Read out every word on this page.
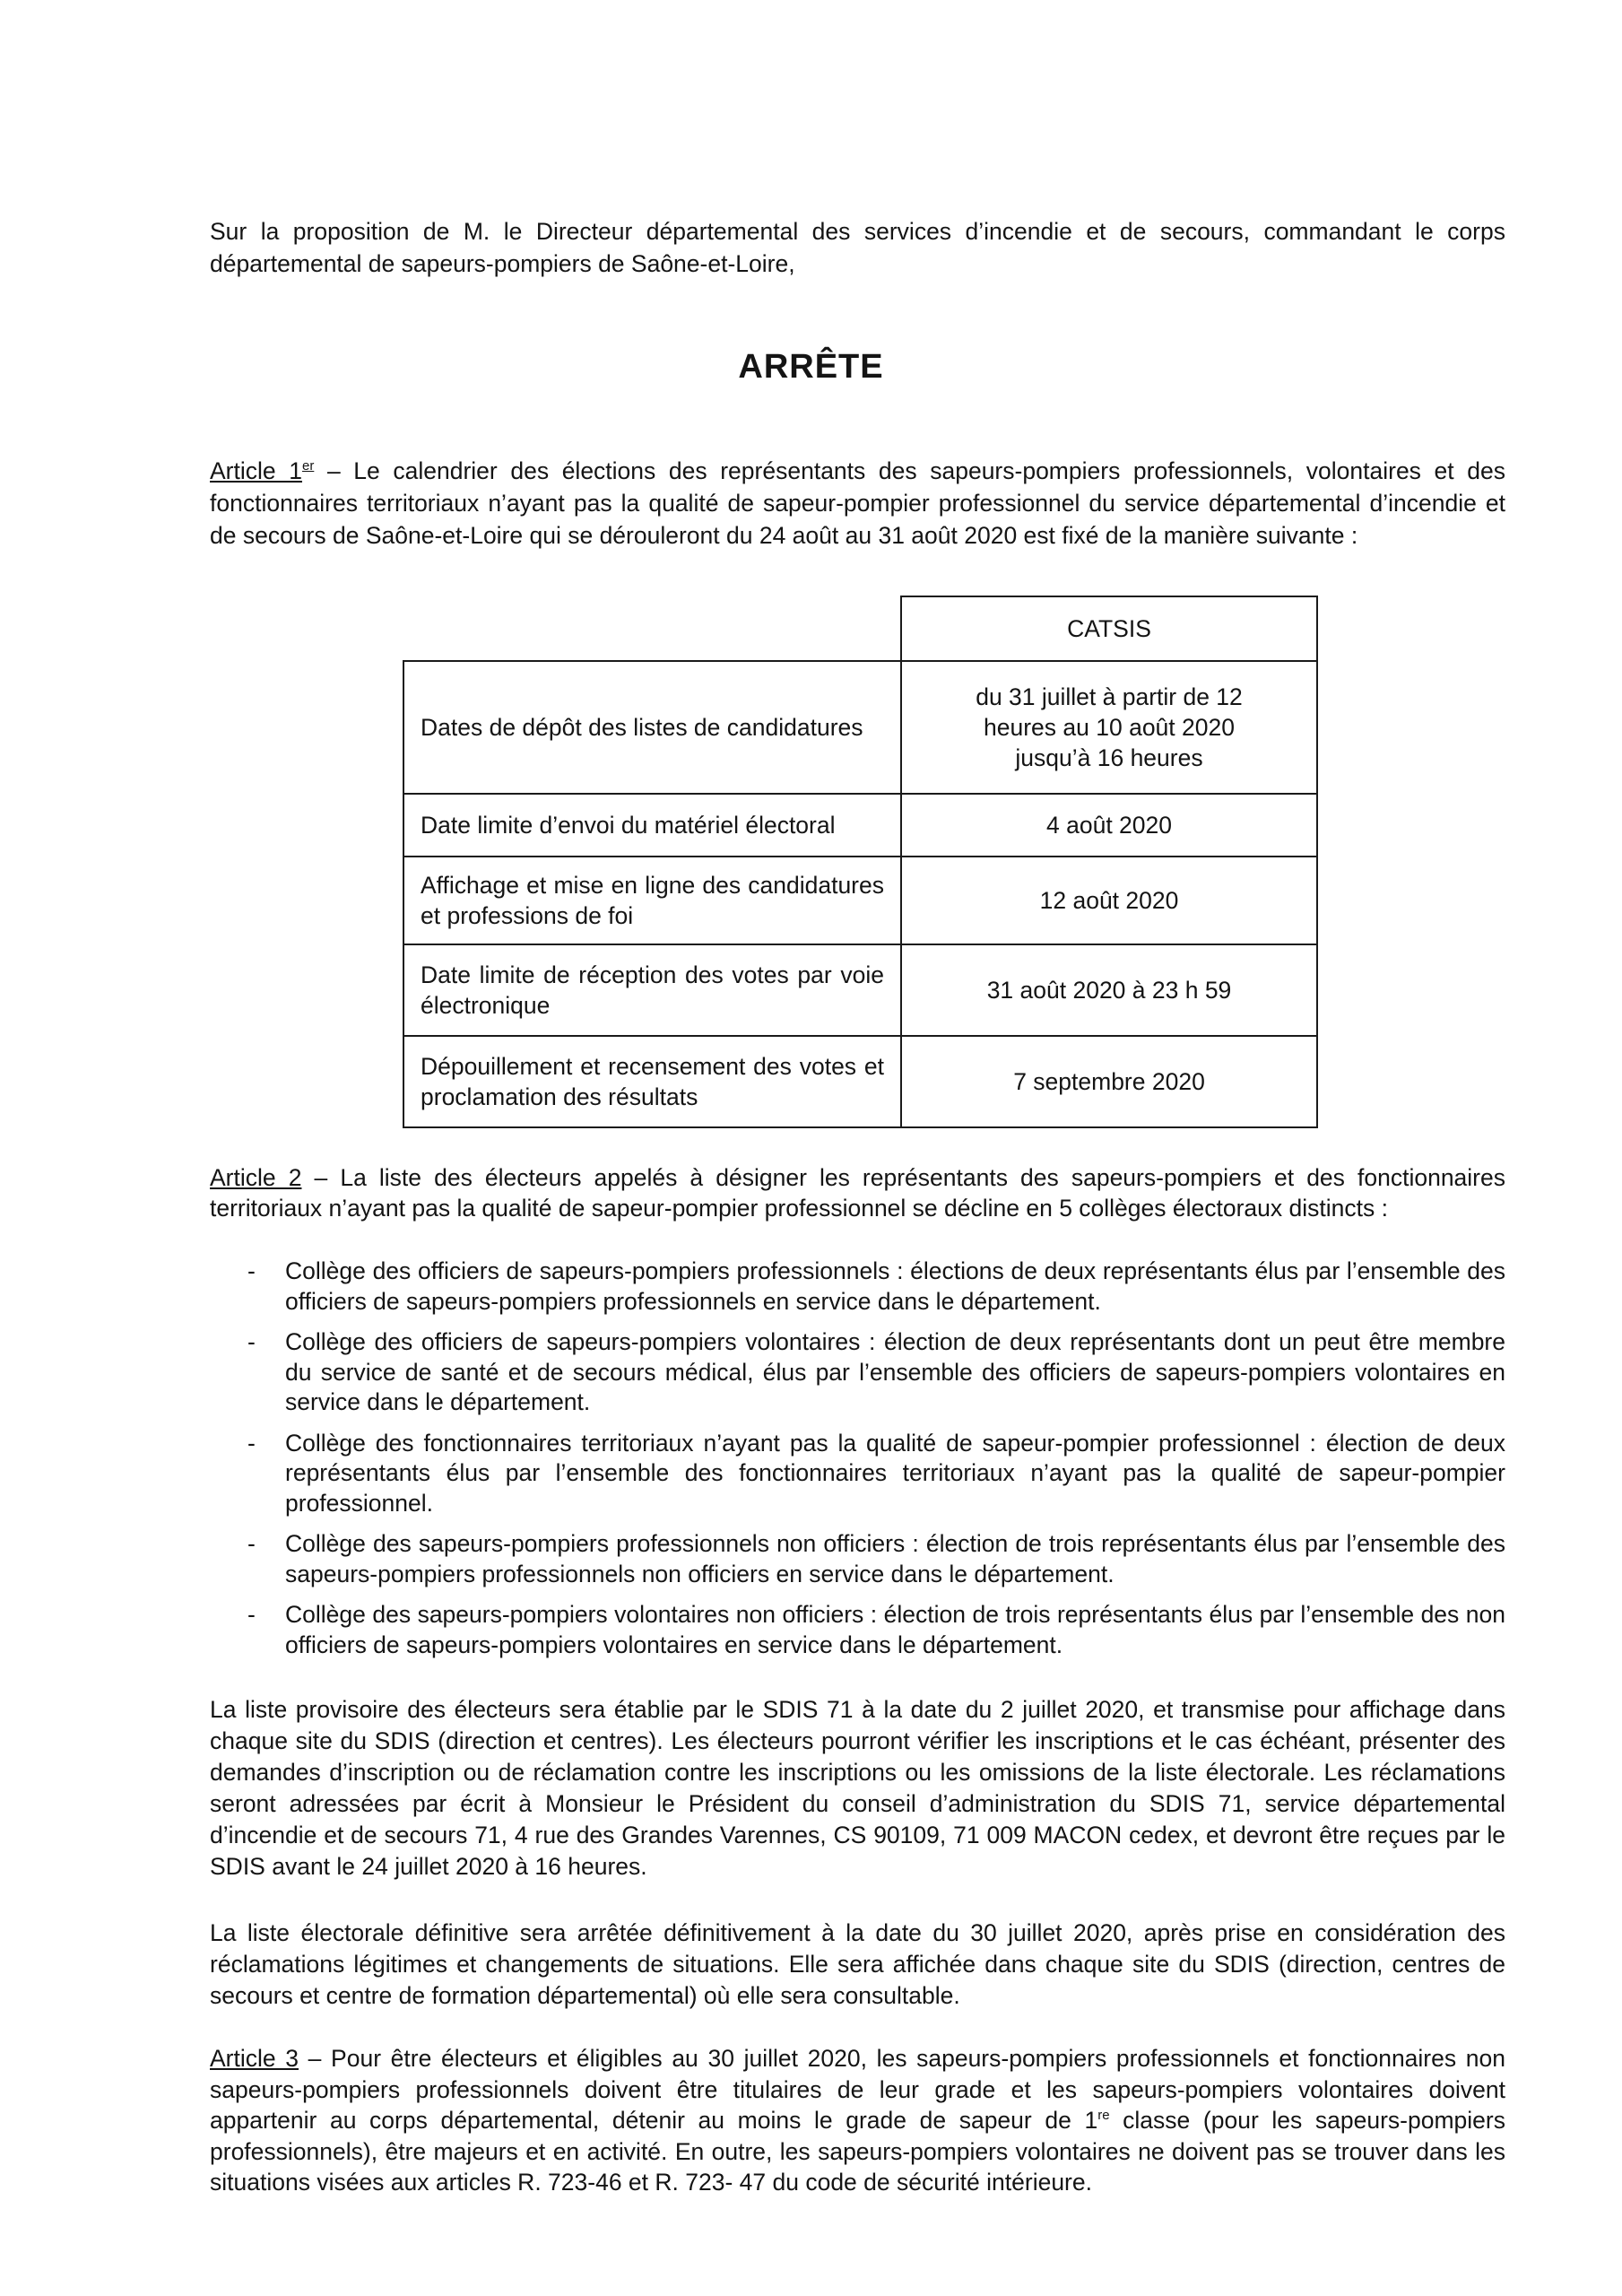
Sur la proposition de M. le Directeur départemental des services d’incendie et de secours, commandant le corps départemental de sapeurs-pompiers de Saône-et-Loire,

ARRÊTE

Article 1er – Le calendrier des élections des représentants des sapeurs-pompiers professionnels, volontaires et des fonctionnaires territoriaux n’ayant pas la qualité de sapeur-pompier professionnel du service départemental d’incendie et de secours de Saône-et-Loire qui se dérouleront du 24 août au 31 août 2020 est fixé de la manière suivante :

CATSIS
Dates de dépôt des listes de candidatures
du 31 juillet à partir de 12 heures au 10 août 2020 jusqu’à 16 heures
Date limite d’envoi du matériel électoral	4 août 2020
Affichage et mise en ligne des candidatures et professions de foi
12 août 2020
Date limite de réception des votes par voie électronique
31 août 2020 à 23 h 59
Dépouillement et recensement des votes et proclamation des résultats
7 septembre 2020

Article 2 – La liste des électeurs appelés à désigner les représentants des sapeurs-pompiers et des fonctionnaires territoriaux n’ayant pas la qualité de sapeur-pompier professionnel se décline en 5 collèges électoraux distincts :

- Collège des officiers de sapeurs-pompiers professionnels : élections de deux représentants élus par l’ensemble des officiers de sapeurs-pompiers professionnels en service dans le département.
- Collège des officiers de sapeurs-pompiers volontaires : élection de deux représentants dont un peut être membre du service de santé et de secours médical, élus par l’ensemble des officiers de sapeurs-pompiers volontaires en service dans le département.
- Collège des fonctionnaires territoriaux n’ayant pas la qualité de sapeur-pompier professionnel : élection de deux représentants élus par l’ensemble des fonctionnaires territoriaux n’ayant pas la qualité de sapeur-pompier professionnel.
- Collège des sapeurs-pompiers professionnels non officiers : élection de trois représentants élus par l’ensemble des sapeurs-pompiers professionnels non officiers en service dans le département.
- Collège des sapeurs-pompiers volontaires non officiers : élection de trois représentants élus par l’ensemble des non officiers de sapeurs-pompiers volontaires en service dans le département.

La liste provisoire des électeurs sera établie par le SDIS 71 à la date du 2 juillet 2020, et transmise pour affichage dans chaque site du SDIS (direction et centres). Les électeurs pourront vérifier les inscriptions et le cas échéant, présenter des demandes d’inscription ou de réclamation contre les inscriptions ou les omissions de la liste électorale. Les réclamations seront adressées par écrit à Monsieur le Président du conseil d’administration du SDIS 71, service départemental d’incendie et de secours 71, 4 rue des Grandes Varennes, CS 90109, 71 009 MACON cedex, et devront être reçues par le SDIS avant le 24 juillet 2020 à 16 heures.

La liste électorale définitive sera arrêtée définitivement à la date du 30 juillet 2020, après prise en considération des réclamations légitimes et changements de situations. Elle sera affichée dans chaque site du SDIS (direction, centres de secours et centre de formation départemental) où elle sera consultable.

Article 3 – Pour être électeurs et éligibles au 30 juillet 2020, les sapeurs-pompiers professionnels et fonctionnaires non sapeurs-pompiers professionnels doivent être titulaires de leur grade et les sapeurs-pompiers volontaires doivent appartenir au corps départemental, détenir au moins le grade de sapeur de 1re classe (pour les sapeurs-pompiers professionnels), être majeurs et en activité. En outre, les sapeurs-pompiers volontaires ne doivent pas se trouver dans les situations visées aux articles R. 723-46 et R. 723- 47 du code de sécurité intérieure.
